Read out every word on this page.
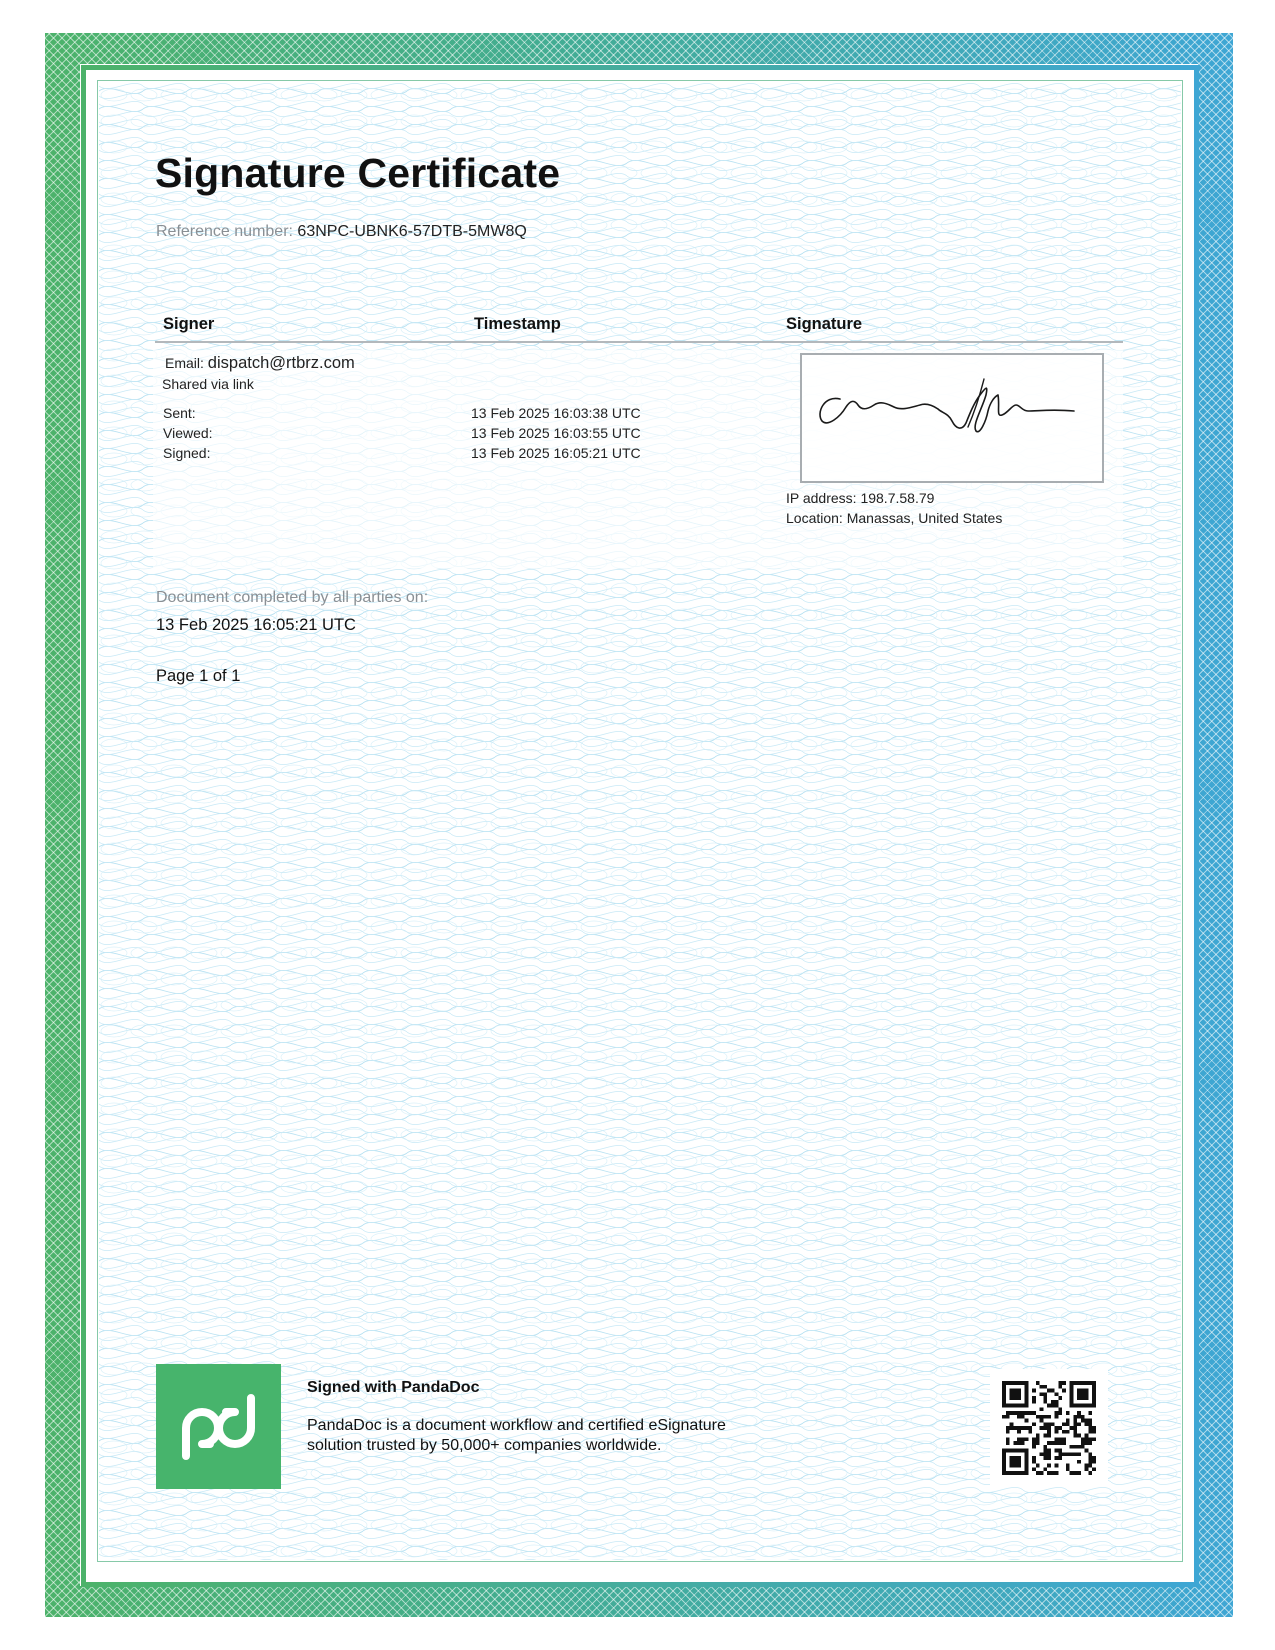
Signature Certificate
Reference number: 63NPC-UBNK6-57DTB-5MW8Q
Signer	Timestamp	Signature
Email: dispatch@rtbrz.com
Shared via link
Sent:
Viewed:
Signed:
13 Feb 2025 16:03:38 UTC
13 Feb 2025 16:03:55 UTC
13 Feb 2025 16:05:21 UTC
IP address: 198.7.58.79
Location: Manassas, United States
Document completed by all parties on:
13 Feb 2025 16:05:21 UTC
Page 1 of 1
Signed with PandaDoc
PandaDoc is a document workflow and certified eSignature
solution trusted by 50,000+ companies worldwide.
